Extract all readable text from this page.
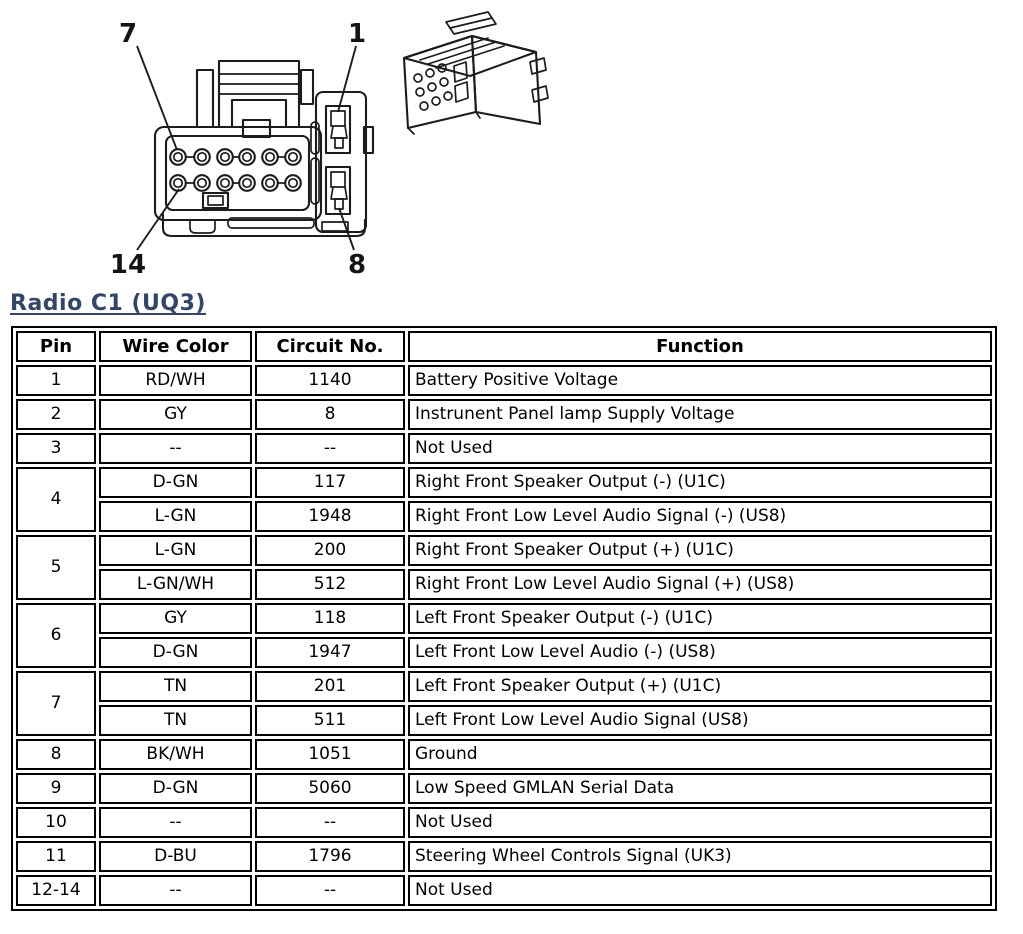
7	1
14	8
Radio C1 (UQ3)
Pin	Wire Color	Circuit No.	Function
1	RD/WH	1140	Battery Positive Voltage
2	GY	8	Instrunent Panel lamp Supply Voltage
3	--	--	Not Used
4	D-GN	117	Right Front Speaker Output (-) (U1C)
	L-GN	1948	Right Front Low Level Audio Signal (-) (US8)
5	L-GN	200	Right Front Speaker Output (+) (U1C)
	L-GN/WH	512	Right Front Low Level Audio Signal (+) (US8)
6	GY	118	Left Front Speaker Output (-) (U1C)
	D-GN	1947	Left Front Low Level Audio (-) (US8)
7	TN	201	Left Front Speaker Output (+) (U1C)
	TN	511	Left Front Low Level Audio Signal (US8)
8	BK/WH	1051	Ground
9	D-GN	5060	Low Speed GMLAN Serial Data
10	--	--	Not Used
11	D-BU	1796	Steering Wheel Controls Signal (UK3)
12-14	--	--	Not Used
